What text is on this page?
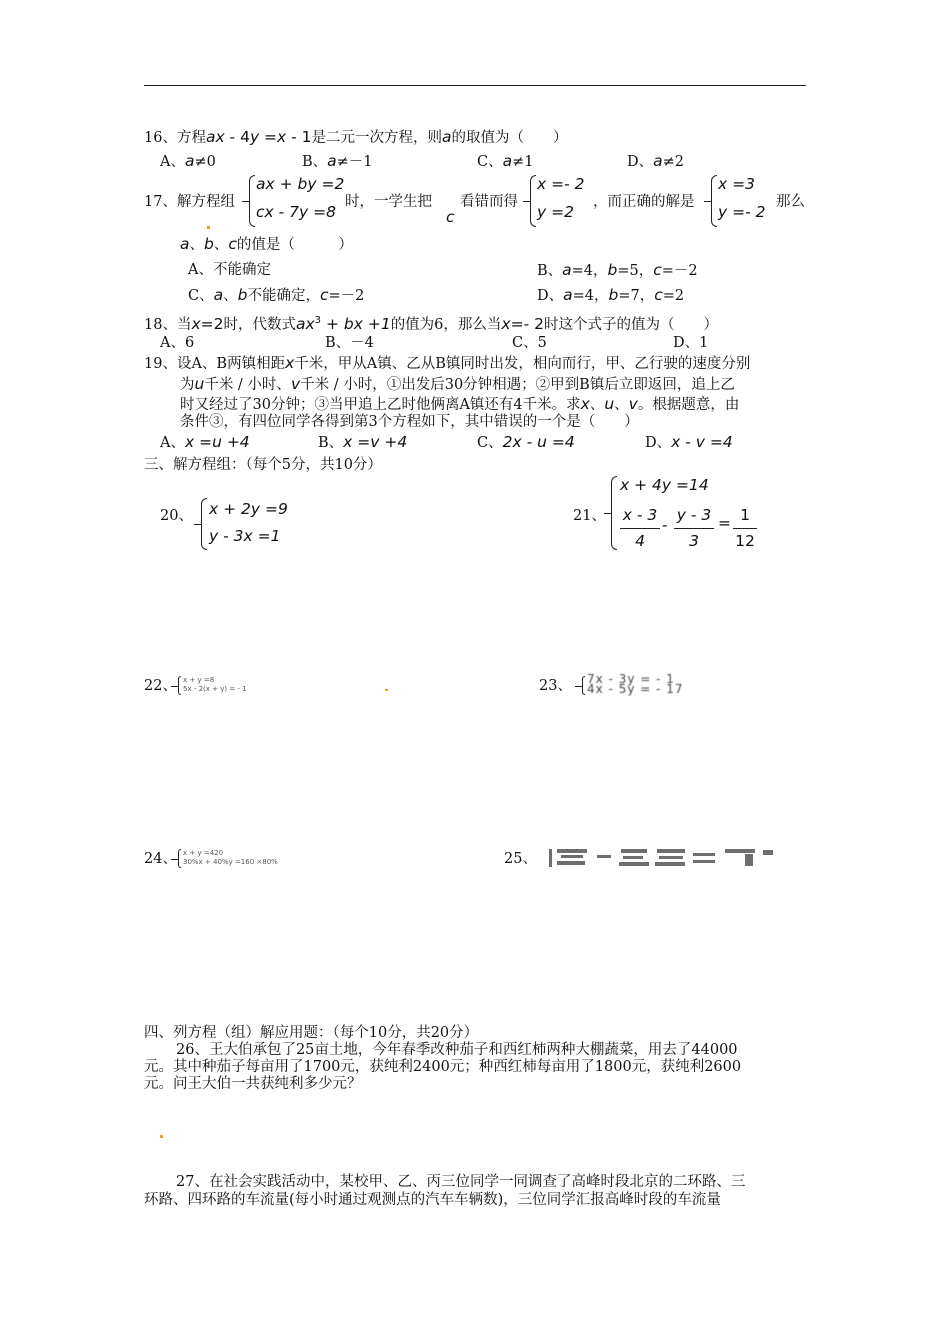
16、方程ax - 4y =x - 1是二元一次方程，则a的取值为（　　）
A、a≠0	B、a≠－1	C、a≠1	D、a≠2
17、解方程组
ax + by =2
cx - 7y =8
时，一学生把
c
看错而得
x =- 2
y =2
，而正确的解是
x =3
y =- 2
那么
a、b、c的值是（　　　）
A、不能确定	B、a=4，b=5，c=－2
C、a、b不能确定，c=－2	D、a=4，b=7，c=2
18、当x=2时，代数式$ax^3$ + bx +1的值为6，那么当x=- 2时这个式子的值为（　　）
A、6	B、－4	C、5	D、1
19、设A、B两镇相距x千米，甲从A镇、乙从B镇同时出发，相向而行，甲、乙行驶的速度分别
为u千米 / 小时、v千米 / 小时，①出发后30分钟相遇；②甲到B镇后立即返回，追上乙
时又经过了30分钟；③当甲追上乙时他俩离A镇还有4千米。求x、u、v。根据题意，由
条件③，有四位同学各得到第3个方程如下，其中错误的一个是（　　）
A、x =u +4	B、x =v +4	C、2x - u =4	D、x - v =4
三、解方程组：（每个5分，共10分）
20、 x + 2y =9
y - 3x =1
21、
x + 4y =14
x - 3
4
-
y - 3
3
= 1
12
22、 x + y =8
5x - 2(x + y) = - 1	23、 7x - 3y = - 1
4x - 5y = - 17
24、 x + y =420
30%x + 40%y =160 ×80%	25、
四、列方程（组）解应用题：（每个10分，共20分）
26、王大伯承包了25亩土地，今年春季改种茄子和西红柿两种大棚蔬菜，用去了44000
元。其中种茄子每亩用了1700元，获纯利2400元；种西红柿每亩用了1800元，获纯利2600
元。问王大伯一共获纯利多少元？
27、在社会实践活动中，某校甲、乙、丙三位同学一同调查了高峰时段北京的二环路、三
环路、四环路的车流量(每小时通过观测点的汽车车辆数)，三位同学汇报高峰时段的车流量
